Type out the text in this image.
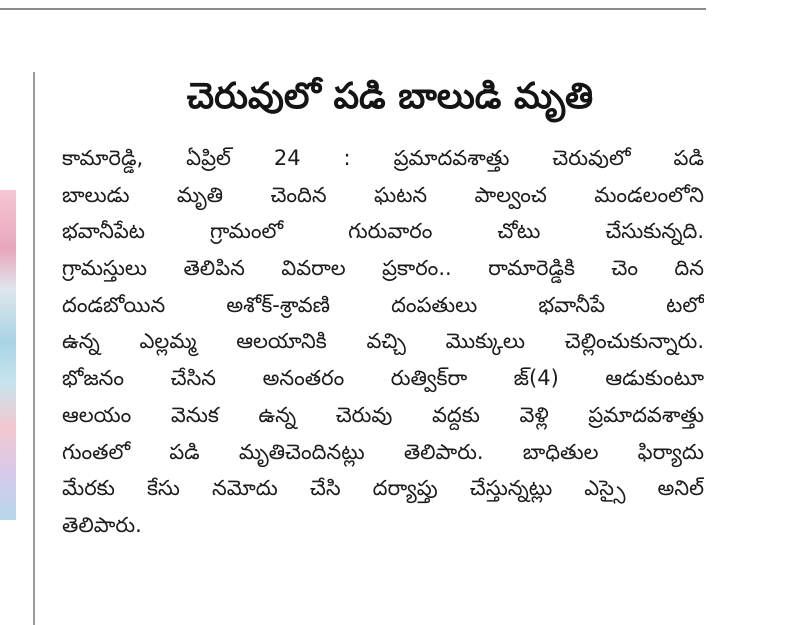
చెరువులో పడి బాలుడి మృతి
కామారెడ్డి, ఏప్రిల్ 24 : ప్రమాదవశాత్తు చెరువులో పడి
బాలుడు మృతి చెందిన ఘటన పాల్వంచ మండలంలోని
భవానీపేట గ్రామంలో గురువారం చోటు చేసుకున్నది.
గ్రామస్తులు తెలిపిన వివరాల ప్రకారం.. రామారెడ్డికి చెం దిన
దండబోయిన అశోక్‌-శ్రావణి దంపతులు భవానీపే టలో
ఉన్న ఎల్లమ్మ ఆలయానికి వచ్చి మొక్కులు చెల్లించుకున్నారు.
భోజనం చేసిన అనంతరం రుత్విక్‌రా జ్‌(4) ఆడుకుంటూ
ఆలయం వెనుక ఉన్న చెరువు వద్దకు వెళ్లి ప్రమాదవశాత్తు
గుంతలో పడి మృతిచెందినట్లు తెలిపారు. బాధితుల ఫిర్యాదు
మేరకు కేసు నమోదు చేసి దర్యాప్తు చేస్తున్నట్లు ఎస్సై అనిల్‌
తెలిపారు.
